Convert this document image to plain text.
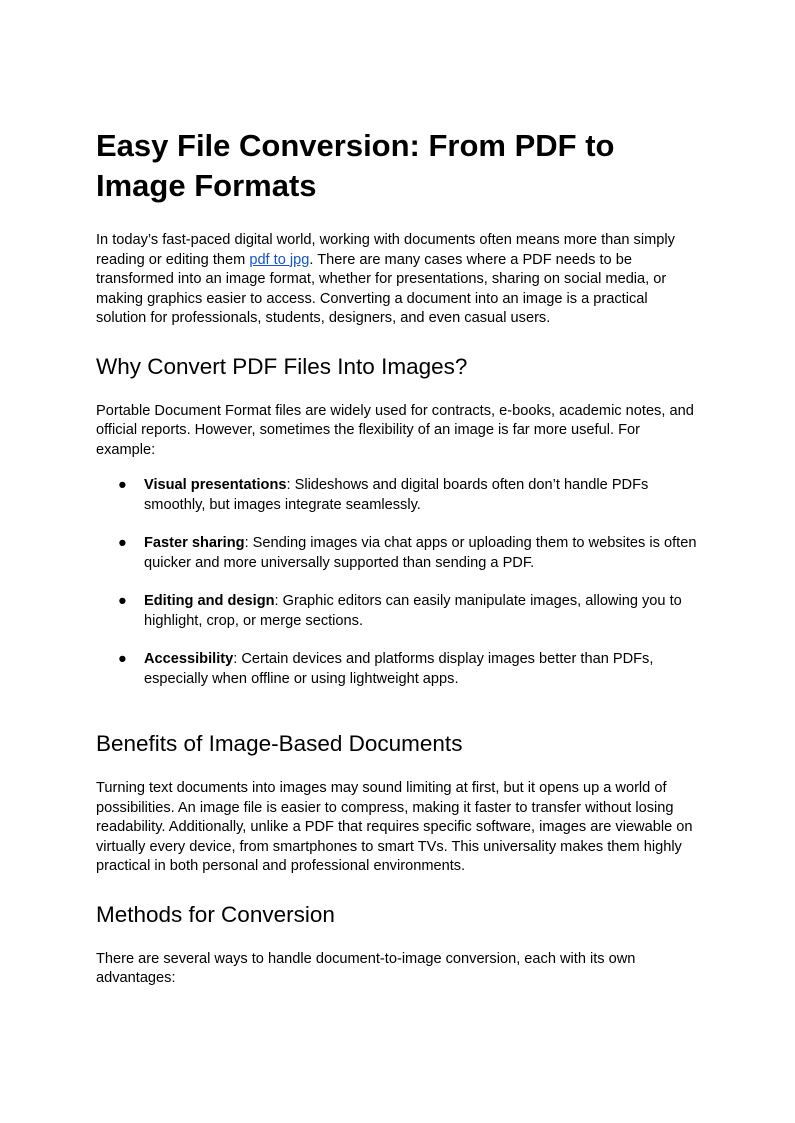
Easy File Conversion: From PDF to Image Formats

In today’s fast-paced digital world, working with documents often means more than simply reading or editing them pdf to jpg. There are many cases where a PDF needs to be transformed into an image format, whether for presentations, sharing on social media, or making graphics easier to access. Converting a document into an image is a practical solution for professionals, students, designers, and even casual users.

Why Convert PDF Files Into Images?

Portable Document Format files are widely used for contracts, e-books, academic notes, and official reports. However, sometimes the flexibility of an image is far more useful. For example:

● Visual presentations: Slideshows and digital boards often don’t handle PDFs smoothly, but images integrate seamlessly.
● Faster sharing: Sending images via chat apps or uploading them to websites is often quicker and more universally supported than sending a PDF.
● Editing and design: Graphic editors can easily manipulate images, allowing you to highlight, crop, or merge sections.
● Accessibility: Certain devices and platforms display images better than PDFs, especially when offline or using lightweight apps.
Benefits of Image-Based Documents

Turning text documents into images may sound limiting at first, but it opens up a world of possibilities. An image file is easier to compress, making it faster to transfer without losing readability. Additionally, unlike a PDF that requires specific software, images are viewable on virtually every device, from smartphones to smart TVs. This universality makes them highly practical in both personal and professional environments.

Methods for Conversion

There are several ways to handle document-to-image conversion, each with its own advantages:
